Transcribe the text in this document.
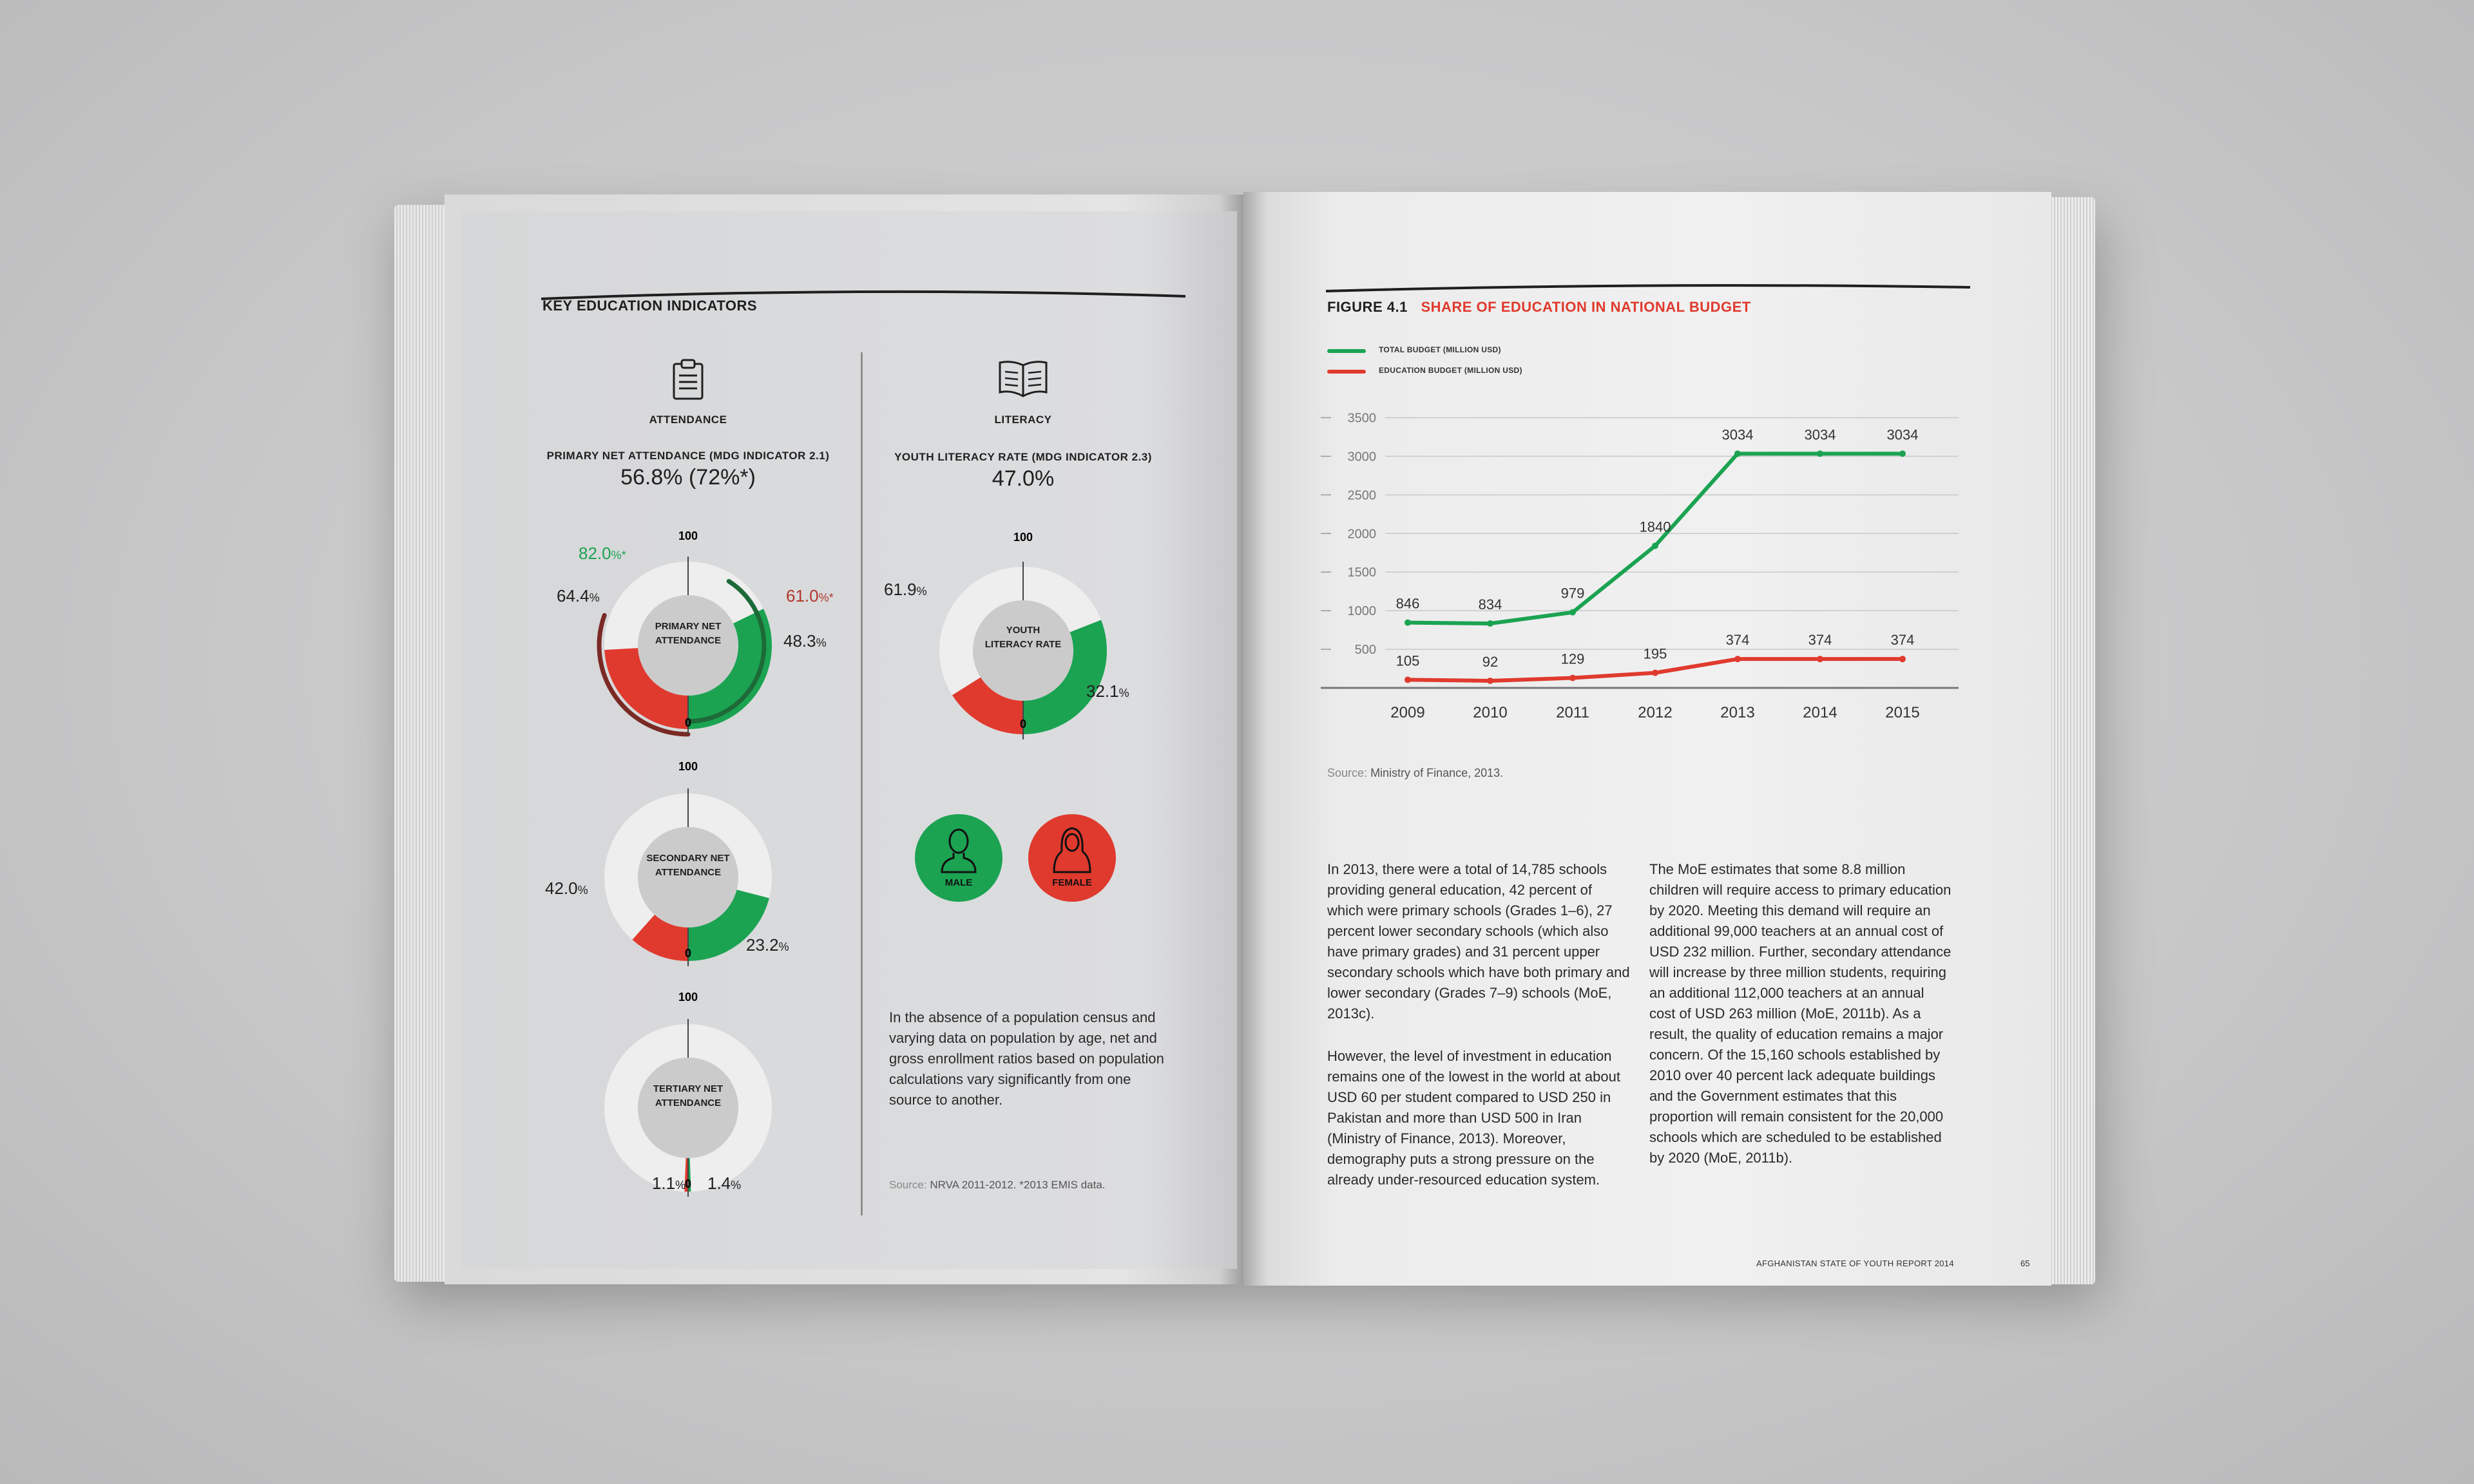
KEY EDUCATION INDICATORS
ATTENDANCE
PRIMARY NET ATTENDANCE (MDG INDICATOR 2.1)
56.8% (72%*)
LITERACY
YOUTH LITERACY RATE (MDG INDICATOR 2.3)
47.0%
PRIMARY NET
ATTENDANCE
100
0
82.0%*
64.4%	61.0%*
48.3%
SECONDARY NET
ATTENDANCE
100
0
42.0%
23.2%
TERTIARY NET
ATTENDANCE
100
0
1.1% 1.4%
YOUTH
LITERACY RATE
100
0
61.9%
32.1%
MALE	FEMALE
In the absence of a population census and varying data on population by age, net and gross enrollment ratios based on population calculations vary significantly from one source to another.
Source: NRVA 2011-2012. *2013 EMIS data.
FIGURE 4.1 SHARE OF EDUCATION IN NATIONAL BUDGET
TOTAL BUDGET (MILLION USD)
EDUCATION BUDGET (MILLION USD)
500
1000
1500
2000
2500
3000
3500
2009	2010	2011	2012	2013	2014	2015
846	834
979
1840
3034	3034	3034
105	92	129	195
374	374	374
Source: Ministry of Finance, 2013.
In 2013, there were a total of 14,785 schools providing general education, 42 percent of which were primary schools (Grades 1–6), 27 percent lower secondary schools (which also have primary grades) and 31 percent upper secondary schools which have both primary and lower secondary (Grades 7–9) schools (MoE, 2013c).
However, the level of investment in education remains one of the lowest in the world at about USD 60 per student compared to USD 250 in Pakistan and more than USD 500 in Iran (Ministry of Finance, 2013). Moreover, demography puts a strong pressure on the already under-resourced education system.
The MoE estimates that some 8.8 million children will require access to primary education by 2020. Meeting this demand will require an additional 99,000 teachers at an annual cost of USD 232 million. Further, secondary attendance will increase by three million students, requiring an additional 112,000 teachers at an annual cost of USD 263 million (MoE, 2011b). As a result, the quality of education remains a major concern. Of the 15,160 schools established by 2010 over 40 percent lack adequate buildings and the Government estimates that this proportion will remain consistent for the 20,000 schools which are scheduled to be established by 2020 (MoE, 2011b).
AFGHANISTAN STATE OF YOUTH REPORT 2014	65
